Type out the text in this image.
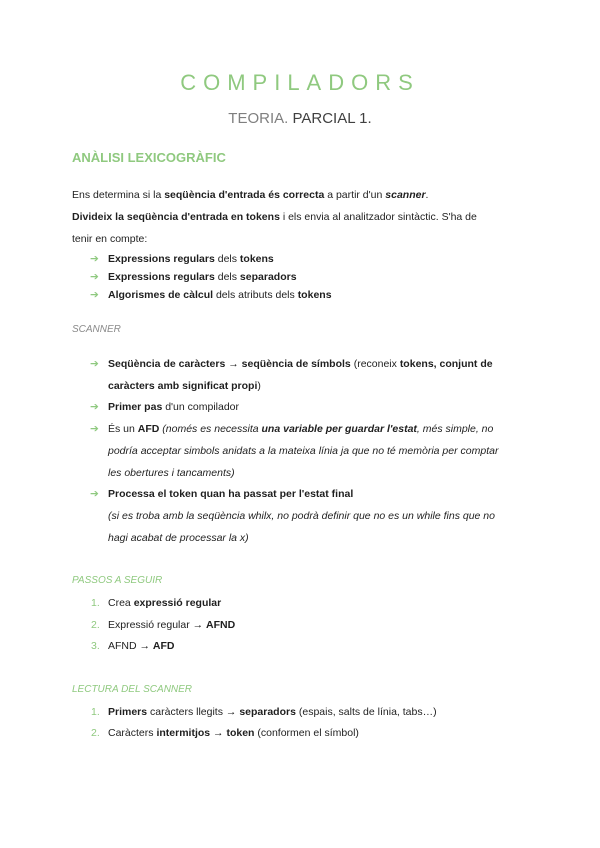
COMPILADORS
TEORIA. PARCIAL 1.
ANÀLISI LEXICOGRÀFIC
Ens determina si la seqüència d'entrada és correcta a partir d'un scanner.
Divideix la seqüència d'entrada en tokens i els envia al analitzador sintàctic. S'ha de
tenir en compte:
➔ Expressions regulars dels tokens
➔ Expressions regulars dels separadors
➔ Algorismes de càlcul dels atributs dels tokens
SCANNER
➔ Seqüència de caràcters → seqüència de símbols (reconeix tokens, conjunt de
caràcters amb significat propi)
➔ Primer pas d'un compilador
➔ És un AFD (només es necessita una variable per guardar l'estat, més simple, no
podría acceptar simbols anidats a la mateixa línia ja que no té memòria per comptar
les obertures i tancaments)
➔ Processa el token quan ha passat per l'estat final
(si es troba amb la seqüència whilx, no podrà definir que no es un while fins que no
hagi acabat de processar la x)
PASSOS A SEGUIR
1. Crea expressió regular
2. Expressió regular → AFND
3. AFND → AFD
LECTURA DEL SCANNER
1. Primers caràcters llegits → separadors (espais, salts de línia, tabs…)
2. Caràcters intermitjos → token (conformen el símbol)
